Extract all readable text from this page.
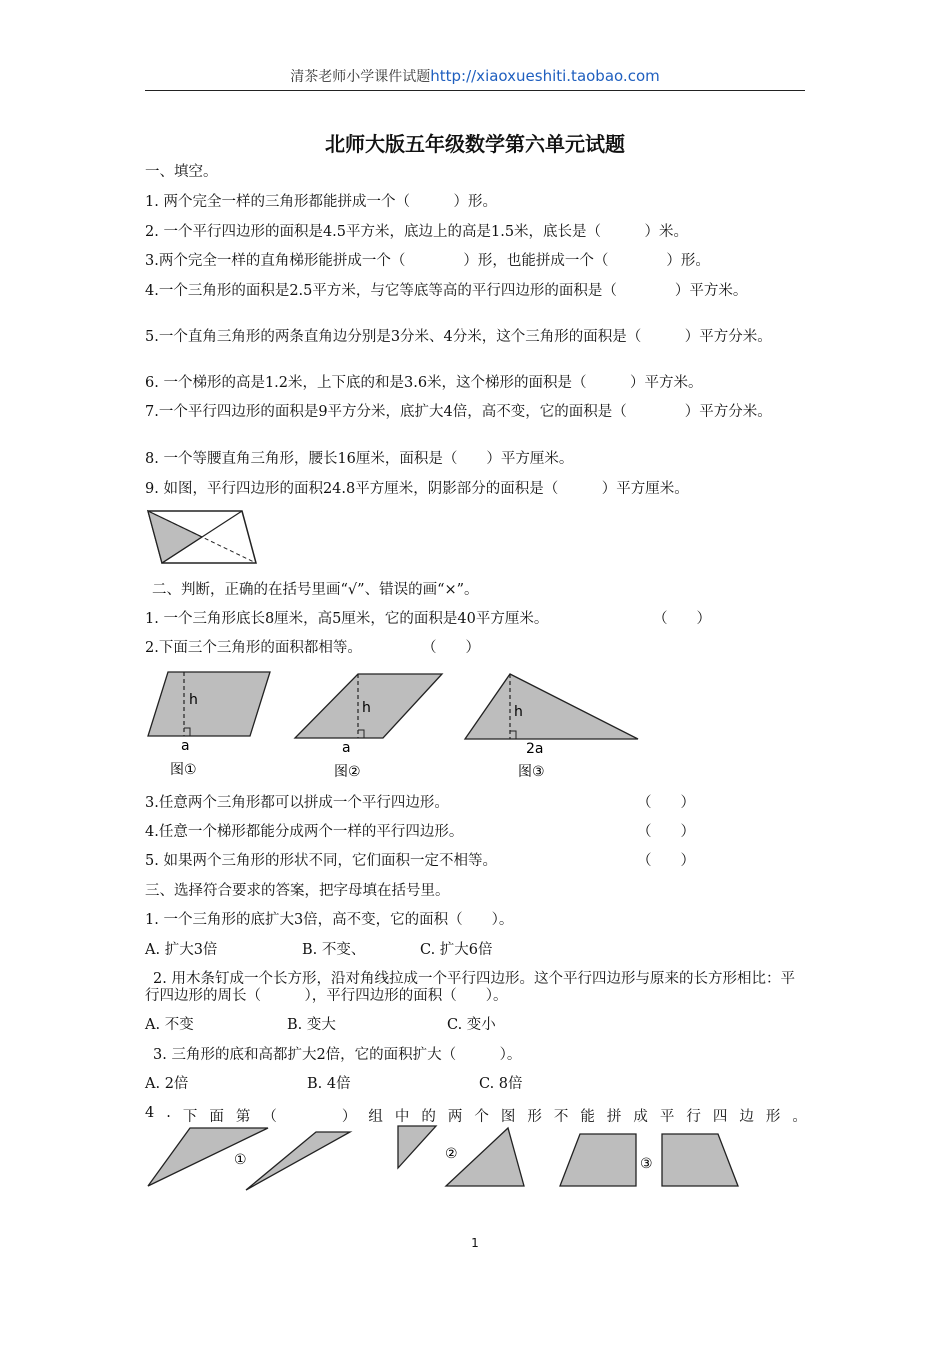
清茶老师小学课件试题http://xiaoxueshiti.taobao.com
北师大版五年级数学第六单元试题
一、填空。
1. 两个完全一样的三角形都能拼成一个（　　　）形。
2. 一个平行四边形的面积是4.5平方米，底边上的高是1.5米，底长是（　　　）米。
3.两个完全一样的直角梯形能拼成一个（　　　　）形，也能拼成一个（　　　　）形。
4.一个三角形的面积是2.5平方米，与它等底等高的平行四边形的面积是（　　　　）平方米。
5.一个直角三角形的两条直角边分别是3分米、4分米，这个三角形的面积是（　　　）平方分米。
6. 一个梯形的高是1.2米，上下底的和是3.6米，这个梯形的面积是（　　　）平方米。
7.一个平行四边形的面积是9平方分米，底扩大4倍，高不变，它的面积是（　　　　）平方分米。
8. 一个等腰直角三角形，腰长16厘米，面积是（　　）平方厘米。
9. 如图，平行四边形的面积24.8平方厘米，阴影部分的面积是（　　　）平方厘米。
二、判断，正确的在括号里画“√”、错误的画“×”。
1. 一个三角形底长8厘米，高5厘米，它的面积是40平方厘米。	（　　）
2.下面三个三角形的面积都相等。	（　　）
h
a
图①
h
a
图②
h
2a
图③
3.任意两个三角形都可以拼成一个平行四边形。	（　　）
4.任意一个梯形都能分成两个一样的平行四边形。	（　　）
5. 如果两个三角形的形状不同，它们面积一定不相等。	（　　）
三、选择符合要求的答案，把字母填在括号里。
1. 一个三角形的底扩大3倍，高不变，它的面积（　　）。
A. 扩大3倍	B. 不变、	C. 扩大6倍
2. 用木条钉成一个长方形，沿对角线拉成一个平行四边形。这个平行四边形与原来的长方形相比：平行四边形的周长（　　　），平行四边形的面积（　　）。
A. 不变	B. 变大	C. 变小
3. 三角形的底和高都扩大2倍，它的面积扩大（　　　）。
A. 2倍	B. 4倍	C. 8倍
4 . 下 面 第 （

　	） 组 中 的 两 个 图 形 不 能 拼 成 平 行 四 边 形 。
①	②
③
1
